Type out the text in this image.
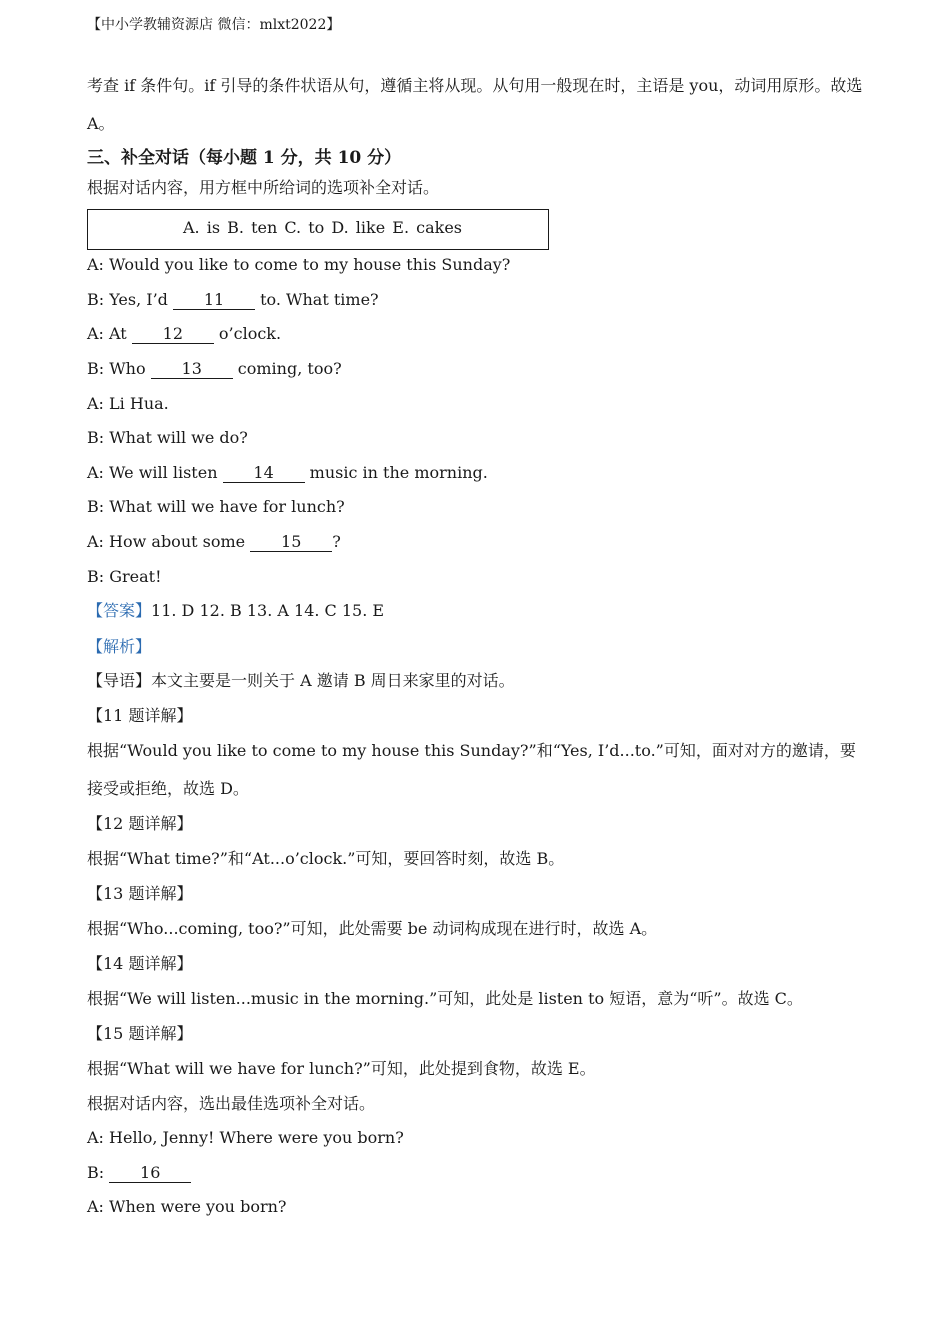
【中小学教辅资源店 微信：mlxt2022】
考查 if 条件句。if 引导的条件状语从句，遵循主将从现。从句用一般现在时，主语是 you，动词用原形。故选 A。
三、补全对话（每小题 1 分，共 10 分）
根据对话内容，用方框中所给词的选项补全对话。
A. is B. ten C. to D. like E. cakes
A: Would you like to come to my house this Sunday?
B: Yes, I’d 11 to. What time?
A: At 12 o’clock.
B: Who 13 coming, too?
A: Li Hua.
B: What will we do?
A: We will listen 14 music in the morning.
B: What will we have for lunch?
A: How about some 15 ?
B: Great!
【答案】11. D 12. B 13. A 14. C 15. E
【解析】
【导语】本文主要是一则关于 A 邀请 B 周日来家里的对话。
【11 题详解】
根据“Would you like to come to my house this Sunday?”和“Yes, I’d...to.”可知，面对对方的邀请，要接受或拒绝，故选 D。
【12 题详解】
根据“What time?”和“At...o’clock.”可知，要回答时刻，故选 B。
【13 题详解】
根据“Who...coming, too?”可知，此处需要 be 动词构成现在进行时，故选 A。
【14 题详解】
根据“We will listen...music in the morning.”可知，此处是 listen to 短语，意为“听”。故选 C。
【15 题详解】
根据“What will we have for lunch?”可知，此处提到食物，故选 E。
根据对话内容，选出最佳选项补全对话。
A: Hello, Jenny! Where were you born?
B: 16
A: When were you born?
